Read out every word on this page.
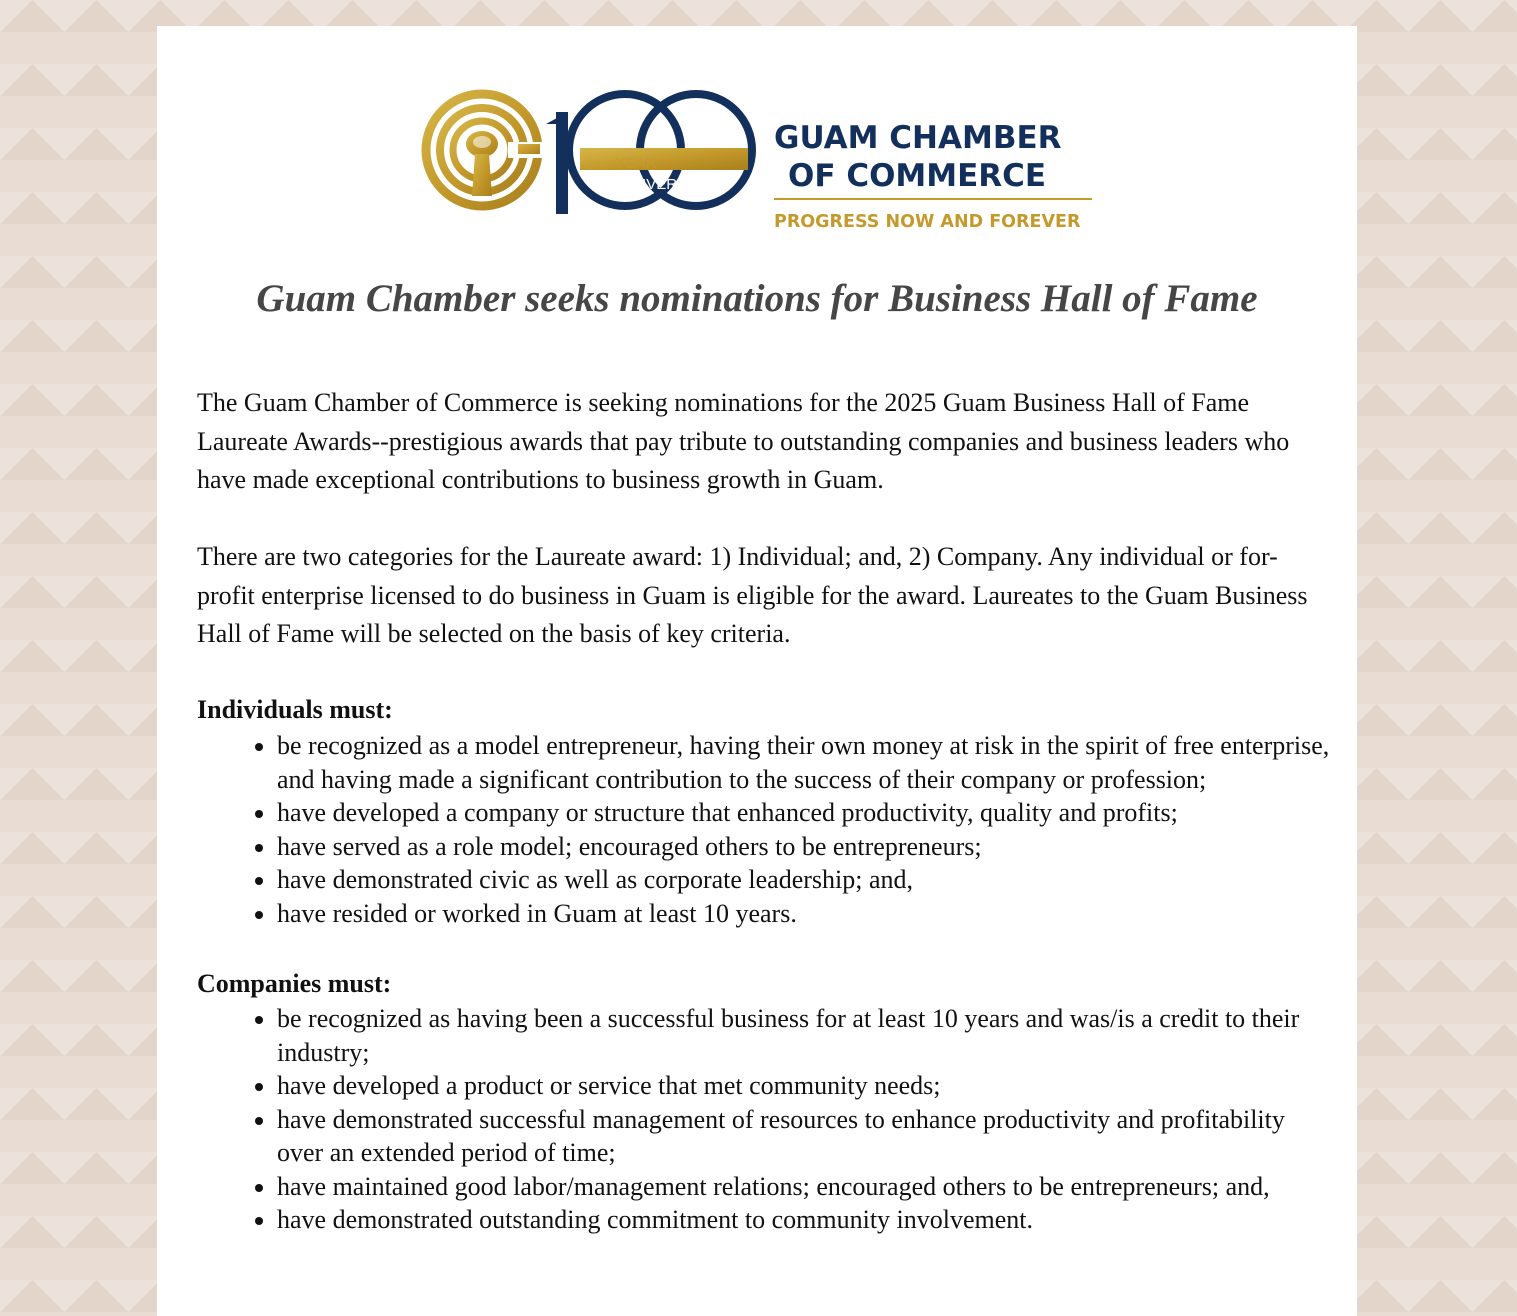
YEAR
ANNIVERSARY
GUAM CHAMBER
OF COMMERCE
PROGRESS NOW AND FOREVER
Guam Chamber seeks nominations for Business Hall of Fame

The Guam Chamber of Commerce is seeking nominations for the 2025 Guam Business Hall of Fame Laureate Awards--prestigious awards that pay tribute to outstanding companies and business leaders who have made exceptional contributions to business growth in Guam.

There are two categories for the Laureate award: 1) Individual; and, 2) Company. Any individual or for-profit enterprise licensed to do business in Guam is eligible for the award. Laureates to the Guam Business Hall of Fame will be selected on the basis of key criteria.

Individuals must:

• be recognized as a model entrepreneur, having their own money at risk in the spirit of free enterprise, and having made a significant contribution to the success of their company or profession;
• have developed a company or structure that enhanced productivity, quality and profits;
• have served as a role model; encouraged others to be entrepreneurs;
• have demonstrated civic as well as corporate leadership; and,
• have resided or worked in Guam at least 10 years.

Companies must:

• be recognized as having been a successful business for at least 10 years and was/is a credit to their industry;
• have developed a product or service that met community needs;
• have demonstrated successful management of resources to enhance productivity and profitability over an extended period of time;
• have maintained good labor/management relations; encouraged others to be entrepreneurs; and,
• have demonstrated outstanding commitment to community involvement.
